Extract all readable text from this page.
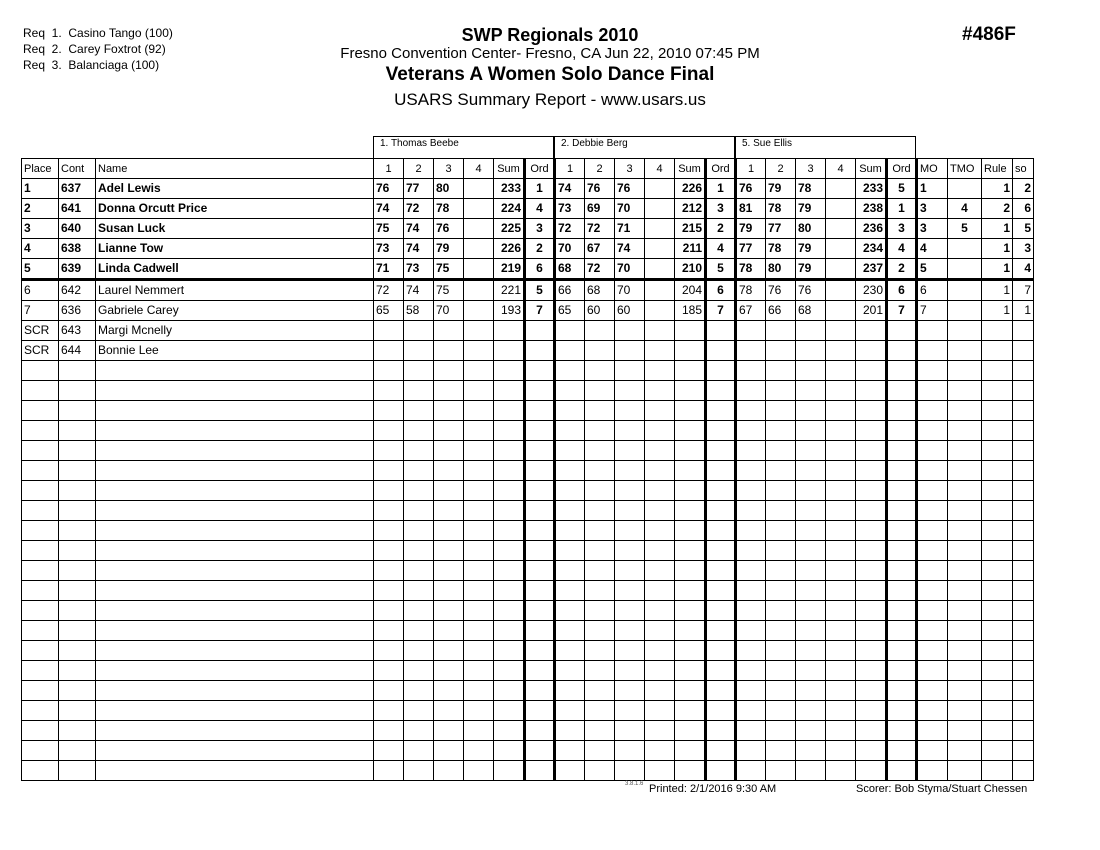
Req  1.  Casino Tango (100)
Req  2.  Carey Foxtrot (92)
Req  3.  Balanciaga (100)
SWP Regionals 2010
Fresno Convention Center- Fresno, CA Jun 22, 2010 07:45 PM
Veterans A Women Solo Dance Final
USARS Summary Report - www.usars.us
#486F
1. Thomas Beebe	2. Debbie Berg	5. Sue Ellis
Place	Cont	Name	1	2	3	4	Sum	Ord	1	2	3	4	Sum	Ord	1	2	3	4	Sum	Ord	MO	TMO	Rule	so
1	637	Adel Lewis	76	77	80		233	1	74	76	76		226	1	76	79	78		233	5	1		1	2
2	641	Donna Orcutt Price	74	72	78		224	4	73	69	70		212	3	81	78	79		238	1	3	4	2	6
3	640	Susan Luck	75	74	76		225	3	72	72	71		215	2	79	77	80		236	3	3	5	1	5
4	638	Lianne Tow	73	74	79		226	2	70	67	74		211	4	77	78	79		234	4	4		1	3
5	639	Linda Cadwell	71	73	75		219	6	68	72	70		210	5	78	80	79		237	2	5		1	4
6	642	Laurel Nemmert	72	74	75		221	5	66	68	70		204	6	78	76	76		230	6	6		1	7
7	636	Gabriele Carey	65	58	70		193	7	65	60	60		185	7	67	66	68		201	7	7		1	1
SCR	643	Margi Mcnelly																						
SCR	644	Bonnie Lee																						

3.8.1.6 Printed: 2/1/2016 9:30 AM	Scorer: Bob Styma/Stuart Chessen
